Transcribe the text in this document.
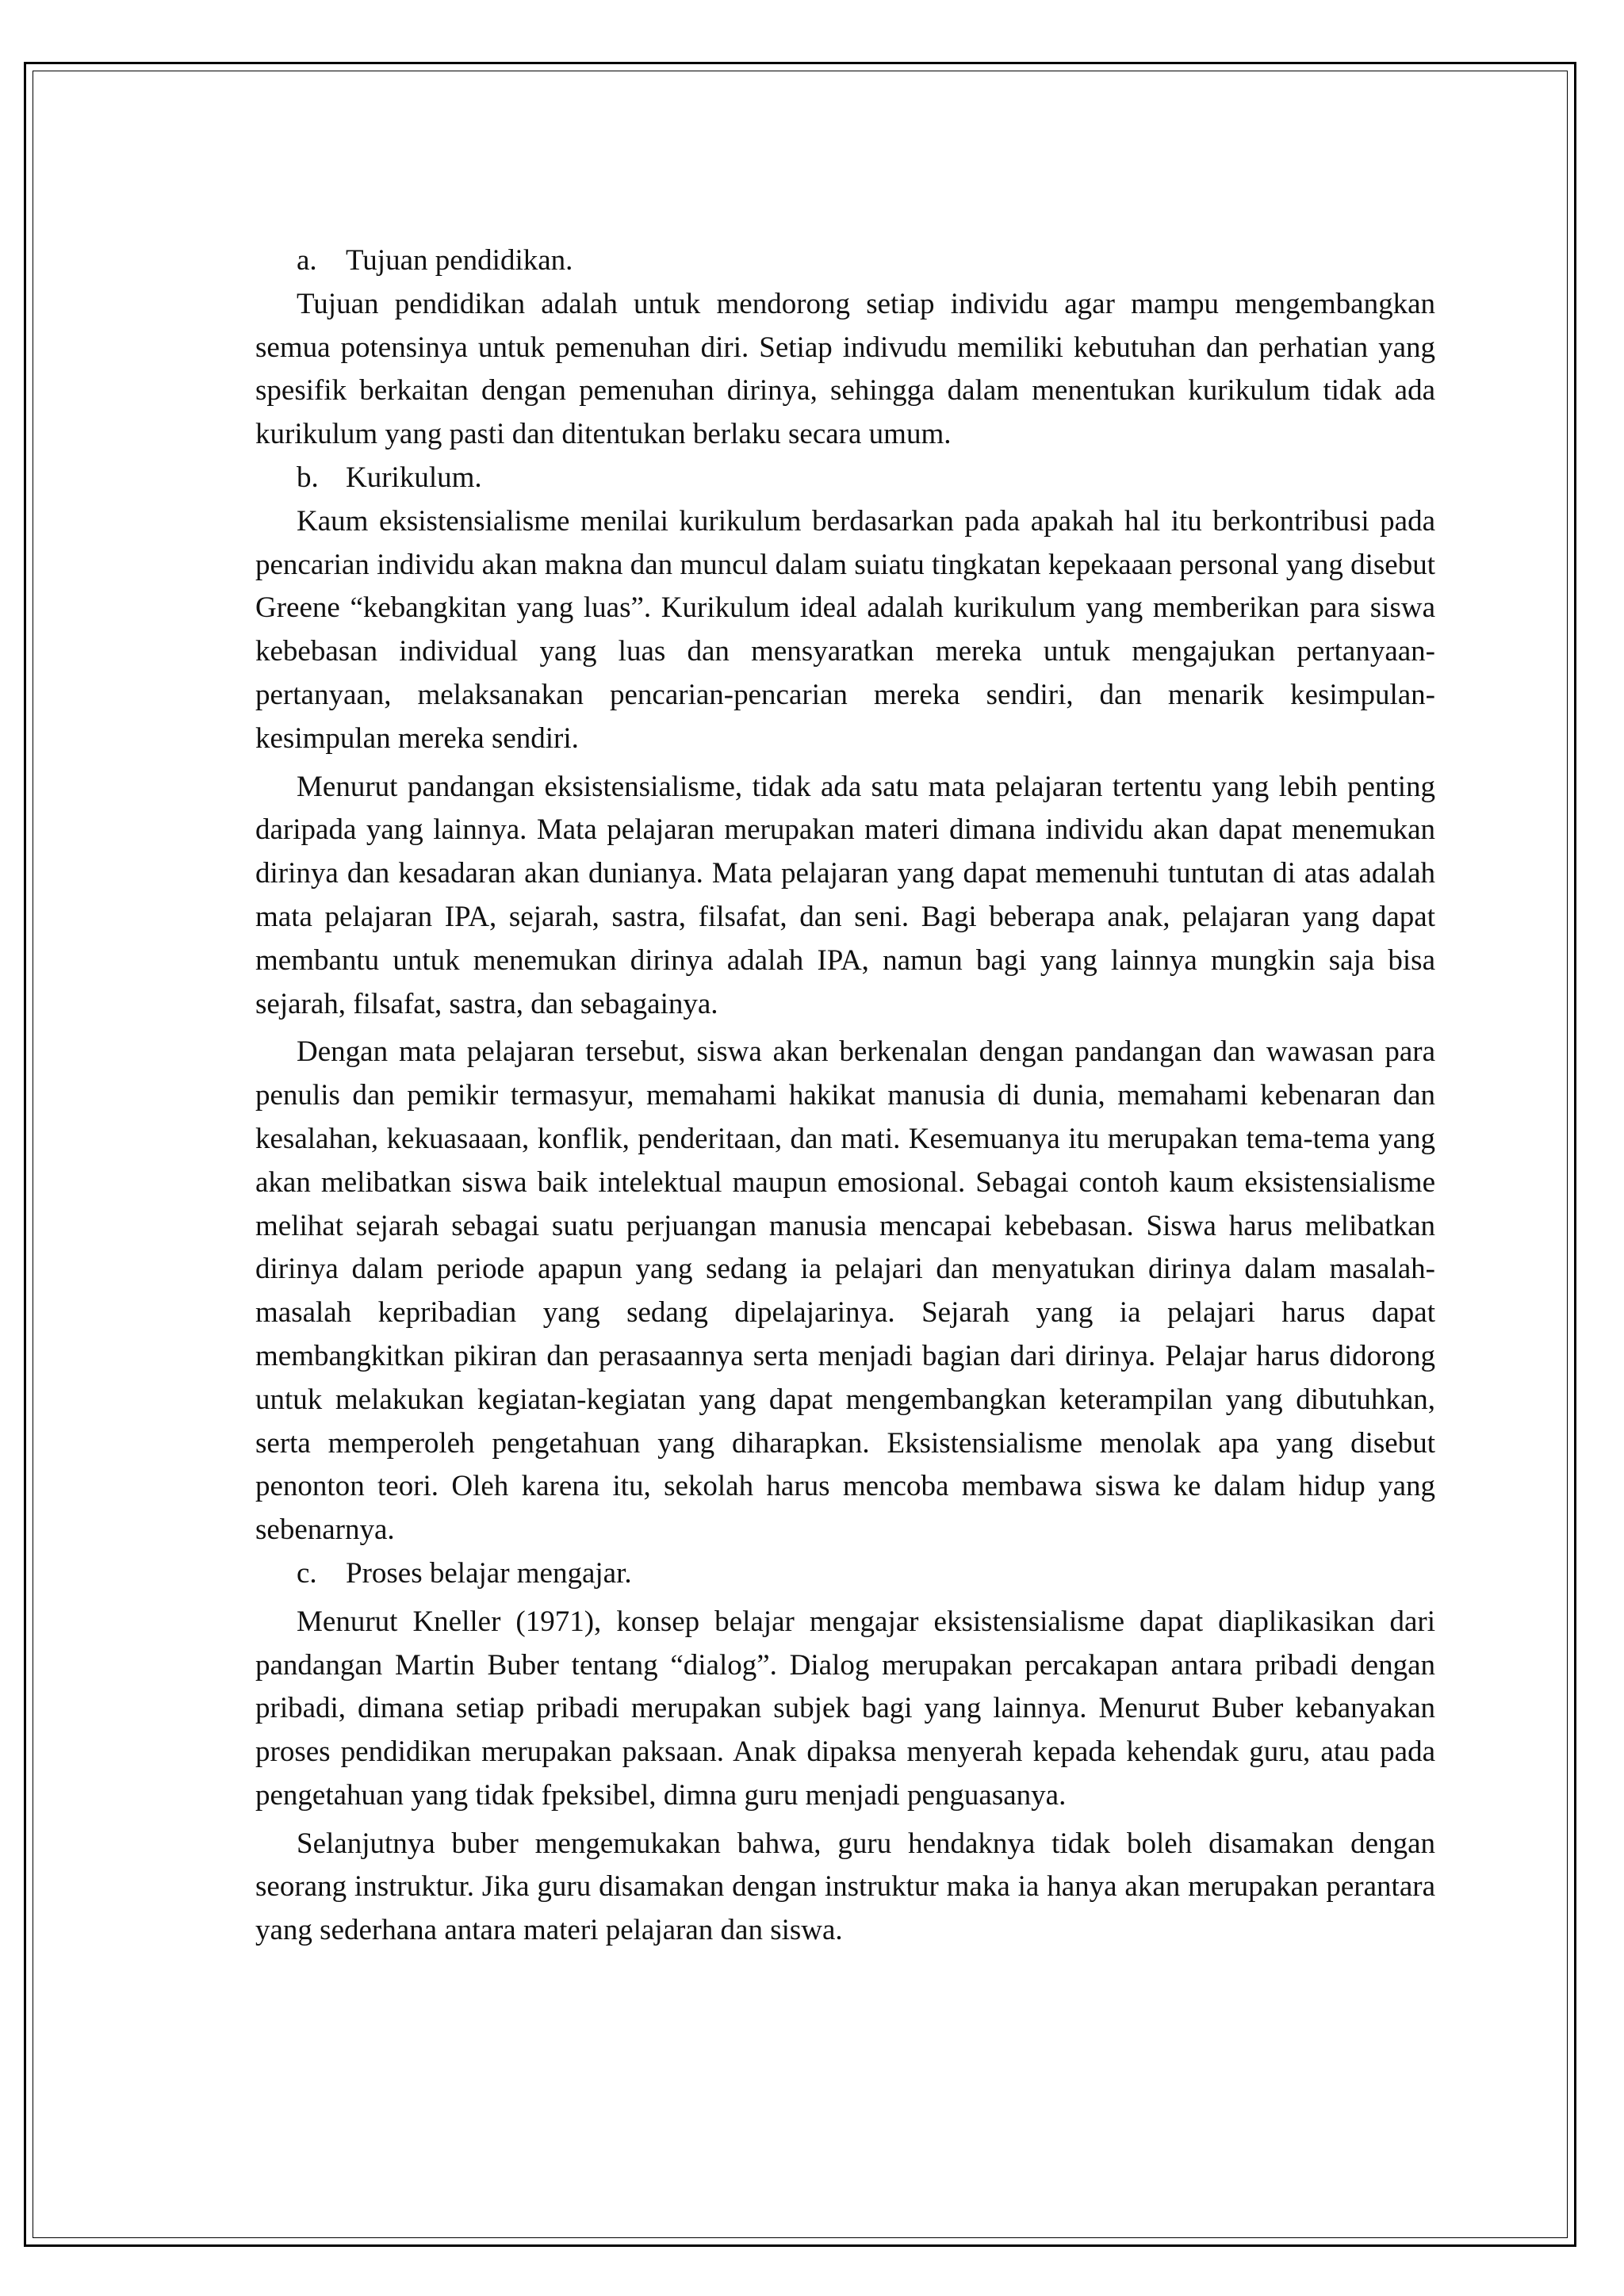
a. Tujuan pendidikan.

Tujuan pendidikan adalah untuk mendorong setiap individu agar mampu mengembangkan semua potensinya untuk pemenuhan diri. Setiap indivudu memiliki kebutuhan dan perhatian yang spesifik berkaitan dengan pemenuhan dirinya, sehingga dalam menentukan kurikulum tidak ada kurikulum yang pasti dan ditentukan berlaku secara umum.

b. Kurikulum.

Kaum eksistensialisme menilai kurikulum berdasarkan pada apakah hal itu berkontribusi pada pencarian individu akan makna dan muncul dalam suiatu tingkatan kepekaaan personal yang disebut Greene “kebangkitan yang luas”. Kurikulum ideal adalah kurikulum yang memberikan para siswa kebebasan individual yang luas dan mensyaratkan mereka untuk mengajukan pertanyaan-pertanyaan, melaksanakan pencarian-pencarian mereka sendiri, dan menarik kesimpulan-kesimpulan mereka sendiri.

Menurut pandangan eksistensialisme, tidak ada satu mata pelajaran tertentu yang lebih penting daripada yang lainnya. Mata pelajaran merupakan materi dimana individu akan dapat menemukan dirinya dan kesadaran akan dunianya. Mata pelajaran yang dapat memenuhi tuntutan di atas adalah mata pelajaran IPA, sejarah, sastra, filsafat, dan seni. Bagi beberapa anak, pelajaran yang dapat membantu untuk menemukan dirinya adalah IPA, namun bagi yang lainnya mungkin saja bisa sejarah, filsafat, sastra, dan sebagainya.

Dengan mata pelajaran tersebut, siswa akan berkenalan dengan pandangan dan wawasan para penulis dan pemikir termasyur, memahami hakikat manusia di dunia, memahami kebenaran dan kesalahan, kekuasaaan, konflik, penderitaan, dan mati. Kesemuanya itu merupakan tema-tema yang akan melibatkan siswa baik intelektual maupun emosional. Sebagai contoh kaum eksistensialisme melihat sejarah sebagai suatu perjuangan manusia mencapai kebebasan. Siswa harus melibatkan dirinya dalam periode apapun yang sedang ia pelajari dan menyatukan dirinya dalam masalah-masalah kepribadian yang sedang dipelajarinya. Sejarah yang ia pelajari harus dapat membangkitkan pikiran dan perasaannya serta menjadi bagian dari dirinya. Pelajar harus didorong untuk melakukan kegiatan-kegiatan yang dapat mengembangkan keterampilan yang dibutuhkan, serta memperoleh pengetahuan yang diharapkan. Eksistensialisme menolak apa yang disebut penonton teori. Oleh karena itu, sekolah harus mencoba membawa siswa ke dalam hidup yang sebenarnya.

c. Proses belajar mengajar.

Menurut Kneller (1971), konsep belajar mengajar eksistensialisme dapat diaplikasikan dari pandangan Martin Buber tentang “dialog”. Dialog merupakan percakapan antara pribadi dengan pribadi, dimana setiap pribadi merupakan subjek bagi yang lainnya. Menurut Buber kebanyakan proses pendidikan merupakan paksaan. Anak dipaksa menyerah kepada kehendak guru, atau pada pengetahuan yang tidak fpeksibel, dimna guru menjadi penguasanya.

Selanjutnya buber mengemukakan bahwa, guru hendaknya tidak boleh disamakan dengan seorang instruktur. Jika guru disamakan dengan instruktur maka ia hanya akan merupakan perantara yang sederhana antara materi pelajaran dan siswa.
